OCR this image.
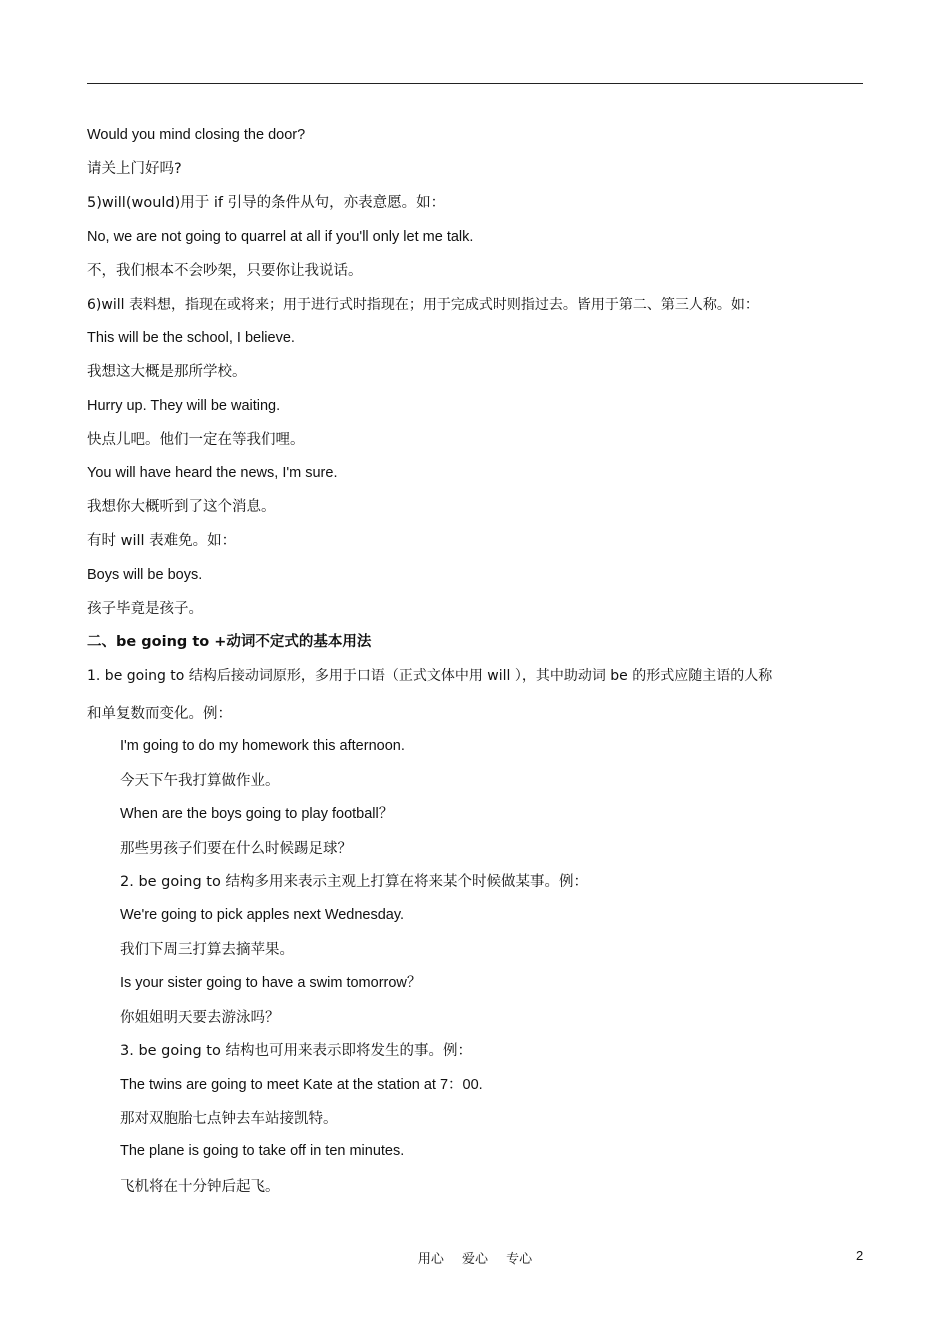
Would you mind closing the door?
请关上门好吗?
5)will(would)用于 if 引导的条件从句，亦表意愿。如：
No, we are not going to quarrel at all if you'll only let me talk.
不，我们根本不会吵架，只要你让我说话。
6)will 表料想，指现在或将来；用于进行式时指现在；用于完成式时则指过去。皆用于第二、第三人称。如：
This will be the school, I believe.
我想这大概是那所学校。
Hurry up. They will be waiting.
快点儿吧。他们一定在等我们哩。
You will have heard the news, I'm sure.
我想你大概听到了这个消息。
有时 will 表难免。如：
Boys will be boys.
孩子毕竟是孩子。
二、be going to +动词不定式的基本用法
1. be going to 结构后接动词原形，多用于口语（正式文体中用 will ），其中助动词 be 的形式应随主语的人称
和单复数而变化。例：
I'm going to do my homework this afternoon.
今天下午我打算做作业。
When are the boys going to play football？
那些男孩子们要在什么时候踢足球？
2. be going to 结构多用来表示主观上打算在将来某个时候做某事。例：
We're going to pick apples next Wednesday.
我们下周三打算去摘苹果。
Is your sister going to have a swim tomorrow？
你姐姐明天要去游泳吗？
3. be going to 结构也可用来表示即将发生的事。例：
The twins are going to meet Kate at the station at 7：00.
那对双胞胎七点钟去车站接凯特。
The plane is going to take off in ten minutes.
飞机将在十分钟后起飞。
用心 爱心 专心	2
